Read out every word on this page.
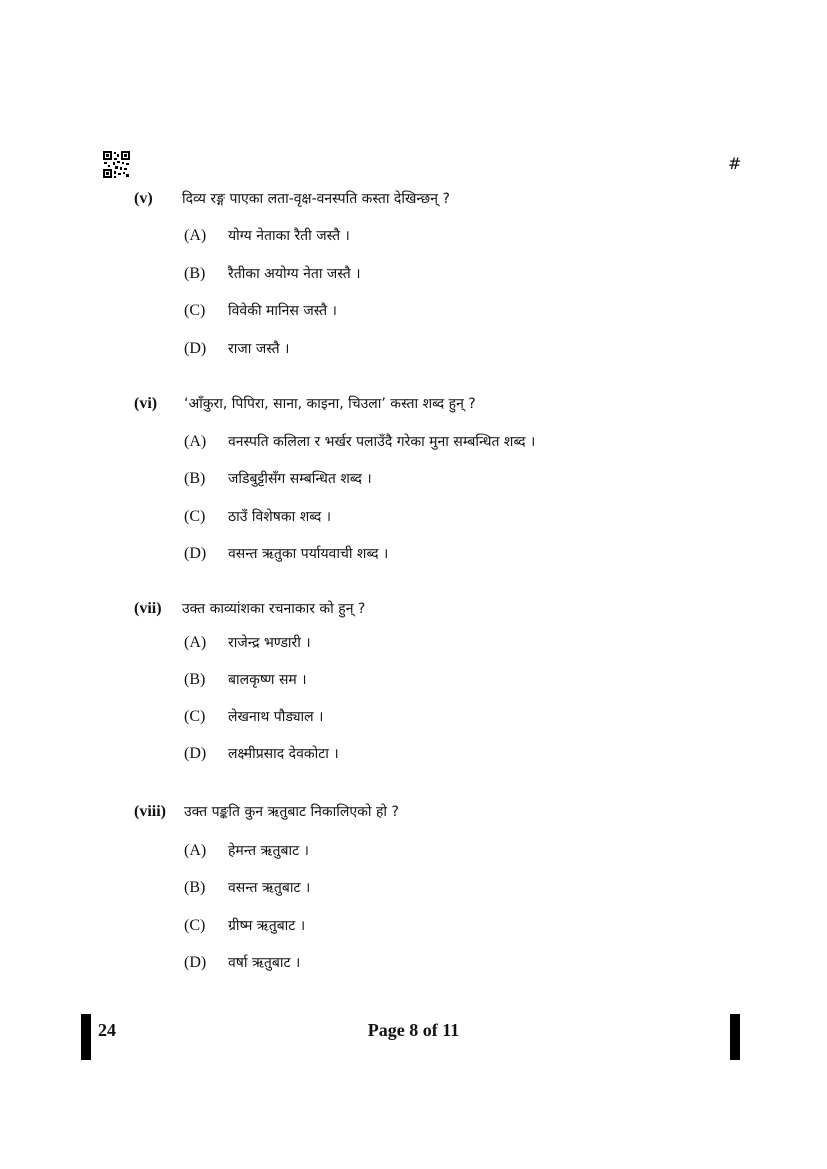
#
(v)	दिव्य रङ्ग पाएका लता-वृक्ष-वनस्पति कस्ता देखिन्छन् ?
(A)	योग्य नेताका रैती जस्तै ।
(B)	रैतीका अयोग्य नेता जस्तै ।
(C)	विवेकी मानिस जस्तै ।
(D)	राजा जस्तै ।
(vi)	‘आँकुरा, पिपिरा, साना, काइना, चिउला’ कस्ता शब्द हुन् ?
(A)	वनस्पति कलिला र भर्खर पलाउँदै गरेका मुना सम्बन्धित शब्द ।
(B)	जडिबुट्टीसँग सम्बन्धित शब्द ।
(C)	ठाउँ विशेषका शब्द ।
(D)	वसन्त ऋतुका पर्यायवाची शब्द ।
(vii)	उक्त काव्यांशका रचनाकार को हुन् ?
(A)	राजेन्द्र भण्डारी ।
(B)	बालकृष्ण सम ।
(C)	लेखनाथ पौड्याल ।
(D)	लक्ष्मीप्रसाद देवकोटा ।
(viii)	उक्त पङ्कति कुन ऋतुबाट निकालिएको हो ?
(A)	हेमन्त ऋतुबाट ।
(B)	वसन्त ऋतुबाट ।
(C)	ग्रीष्म ऋतुबाट ।
(D)	वर्षा ऋतुबाट ।
24	Page 8 of 11
